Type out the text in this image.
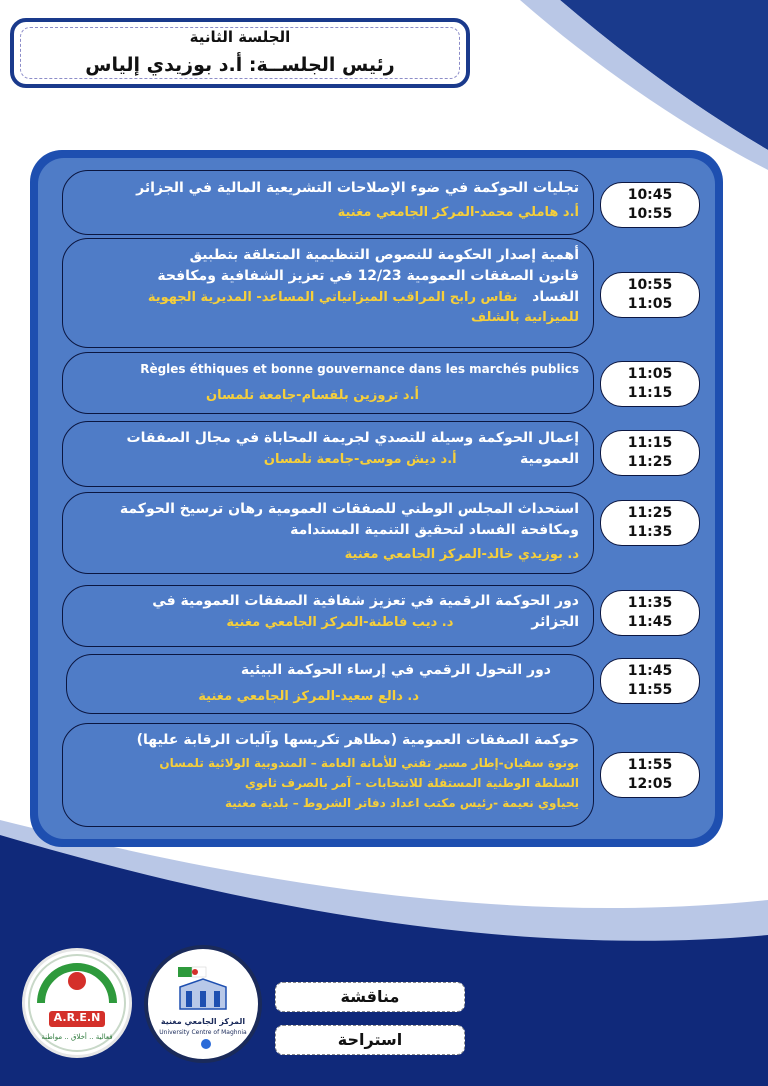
الجلسة الثانية
رئيس الجلســة: أ.د بوزيدي إلياس
تجليات الحوكمة في ضوء الإصلاحات التشريعية المالية في الجزائر
أ.د هاملي محمد-المركز الجامعي مغنية
10:45
10:55
أهمية إصدار الحكومة للنصوص التنظيمية المتعلقة بتطبيق
قانون الصفقات العمومية 12/23 في تعزيز الشفافية ومكافحة
الفساد   نقاس رابح المراقب الميزانياتي المساعد- المديرية الجهوية
للميزانية بالشلف
10:55
11:05
Règles éthiques et bonne gouvernance dans les marchés publics
أ.د تروزين بلقسام-جامعة تلمسان
11:05
11:15
إعمال الحوكمة وسيلة للتصدي لجريمة المحاباة في مجال الصفقات
العمومية             أ.د ديش موسى-جامعة تلمسان
11:15
11:25
استحداث المجلس الوطني للصفقات العمومية رهان ترسيخ الحوكمة
ومكافحة الفساد لتحقيق التنمية المستدامة
د. بوزيدي خالد-المركز الجامعي مغنية
11:25
11:35
دور الحوكمة الرقمية في تعزيز شفافية الصفقات العمومية في
الجزائر                د. ديب فاطنة-المركز الجامعي مغنية
11:35
11:45
دور التحول الرقمي في إرساء الحوكمة البيئية
د. دالع سعيد-المركز الجامعي مغنية
11:45
11:55
حوكمة الصفقات العمومية (مظاهر تكريسها وآليات الرقابة عليها)
بونوة سفيان-إطار مسير تقني للأمانة العامة – المندوبية الولائية تلمسان
السلطة الوطنية المستقلة للانتخابات – آمر بالصرف ثانوي
يحياوي نعيمة -رئيس مكتب اعداد دفاتر الشروط – بلدية مغنية
11:55
12:05
A.R.E.N
فعالية .. أخلاق .. مواطنة
المركز الجامعي مغنية
University Centre of Maghnia
مناقشة
استراحة
